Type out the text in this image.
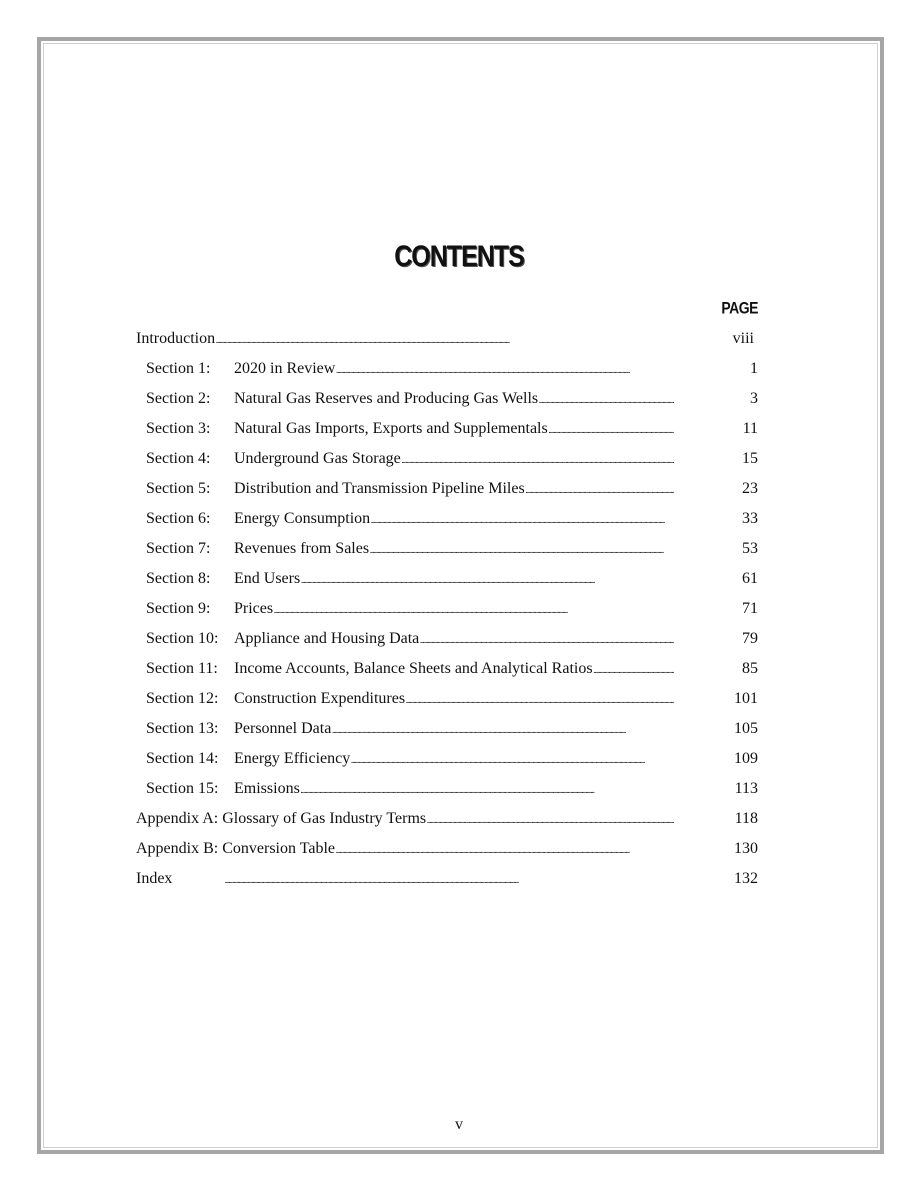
CONTENTS
PAGE
Introduction . . .	viii
Section 1: 2020 in Review . . .	1
Section 2: Natural Gas Reserves and Producing Gas Wells . . .	3
Section 3: Natural Gas Imports, Exports and Supplementals . . .	11
Section 4: Underground Gas Storage . . .	15
Section 5: Distribution and Transmission Pipeline Miles . . .	23
Section 6: Energy Consumption . . .	33
Section 7: Revenues from Sales . . .	53
Section 8: End Users . . .	61
Section 9: Prices . . .	71
Section 10: Appliance and Housing Data . . .	79
Section 11: Income Accounts, Balance Sheets and Analytical Ratios . . .	85
Section 12: Construction Expenditures . . .	101
Section 13: Personnel Data . . .	105
Section 14: Energy Efficiency . . .	109
Section 15: Emissions . . .	113
Appendix A: Glossary of Gas Industry Terms . . .	118
Appendix B: Conversion Table . . .	130
Index . . .	132
v
